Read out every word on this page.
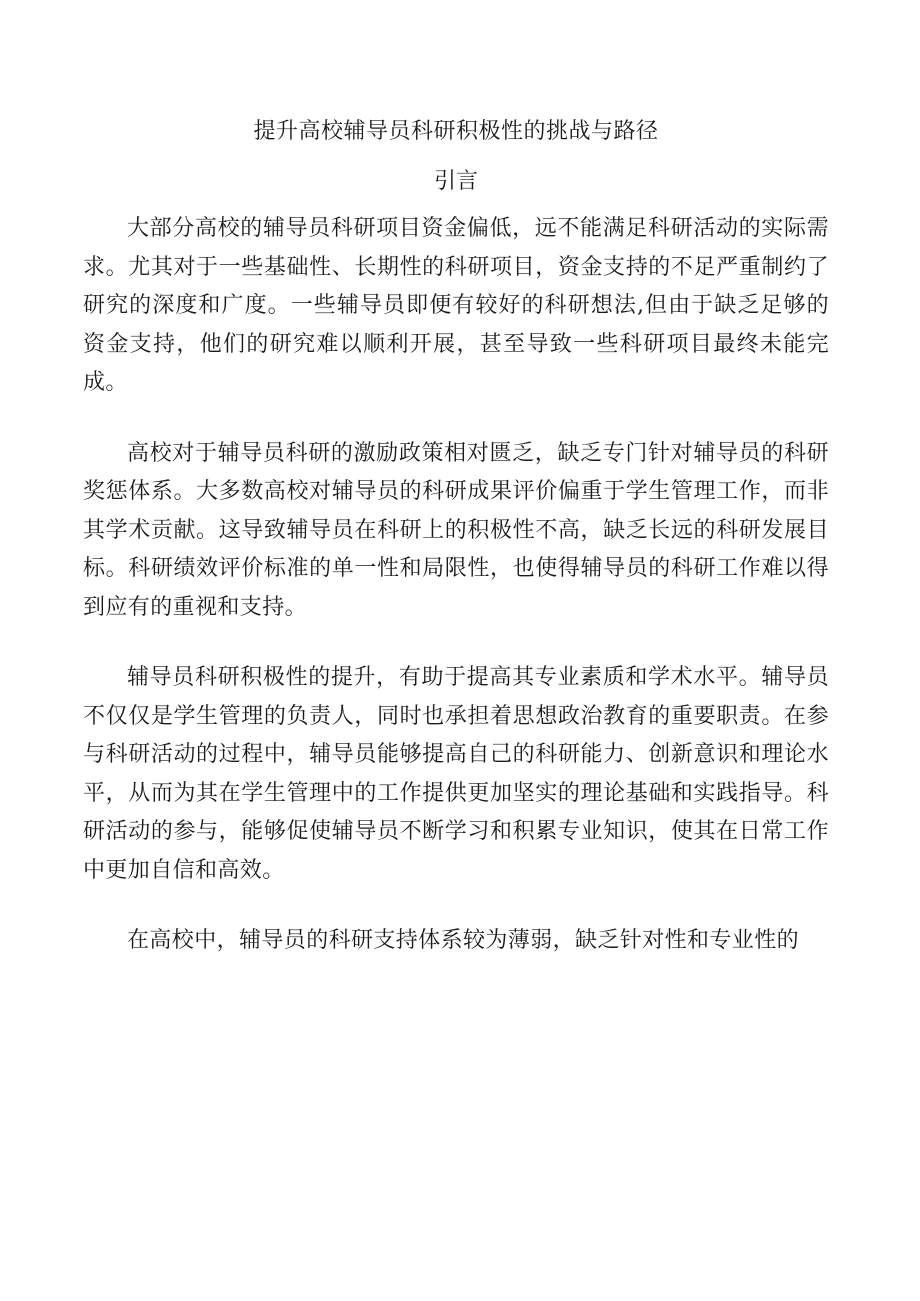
提升高校辅导员科研积极性的挑战与路径
引言

大部分高校的辅导员科研项目资金偏低，远不能满足科研活动的实际需求。尤其对于一些基础性、长期性的科研项目，资金支持的不足严重制约了研究的深度和广度。一些辅导员即便有较好的科研想法,但由于缺乏足够的资金支持，他们的研究难以顺利开展，甚至导致一些科研项目最终未能完成。

高校对于辅导员科研的激励政策相对匮乏，缺乏专门针对辅导员的科研奖惩体系。大多数高校对辅导员的科研成果评价偏重于学生管理工作，而非其学术贡献。这导致辅导员在科研上的积极性不高，缺乏长远的科研发展目标。科研绩效评价标准的单一性和局限性，也使得辅导员的科研工作难以得到应有的重视和支持。

辅导员科研积极性的提升，有助于提高其专业素质和学术水平。辅导员不仅仅是学生管理的负责人，同时也承担着思想政治教育的重要职责。在参与科研活动的过程中，辅导员能够提高自己的科研能力、创新意识和理论水平，从而为其在学生管理中的工作提供更加坚实的理论基础和实践指导。科研活动的参与，能够促使辅导员不断学习和积累专业知识，使其在日常工作中更加自信和高效。

在高校中，辅导员的科研支持体系较为薄弱，缺乏针对性和专业性的
